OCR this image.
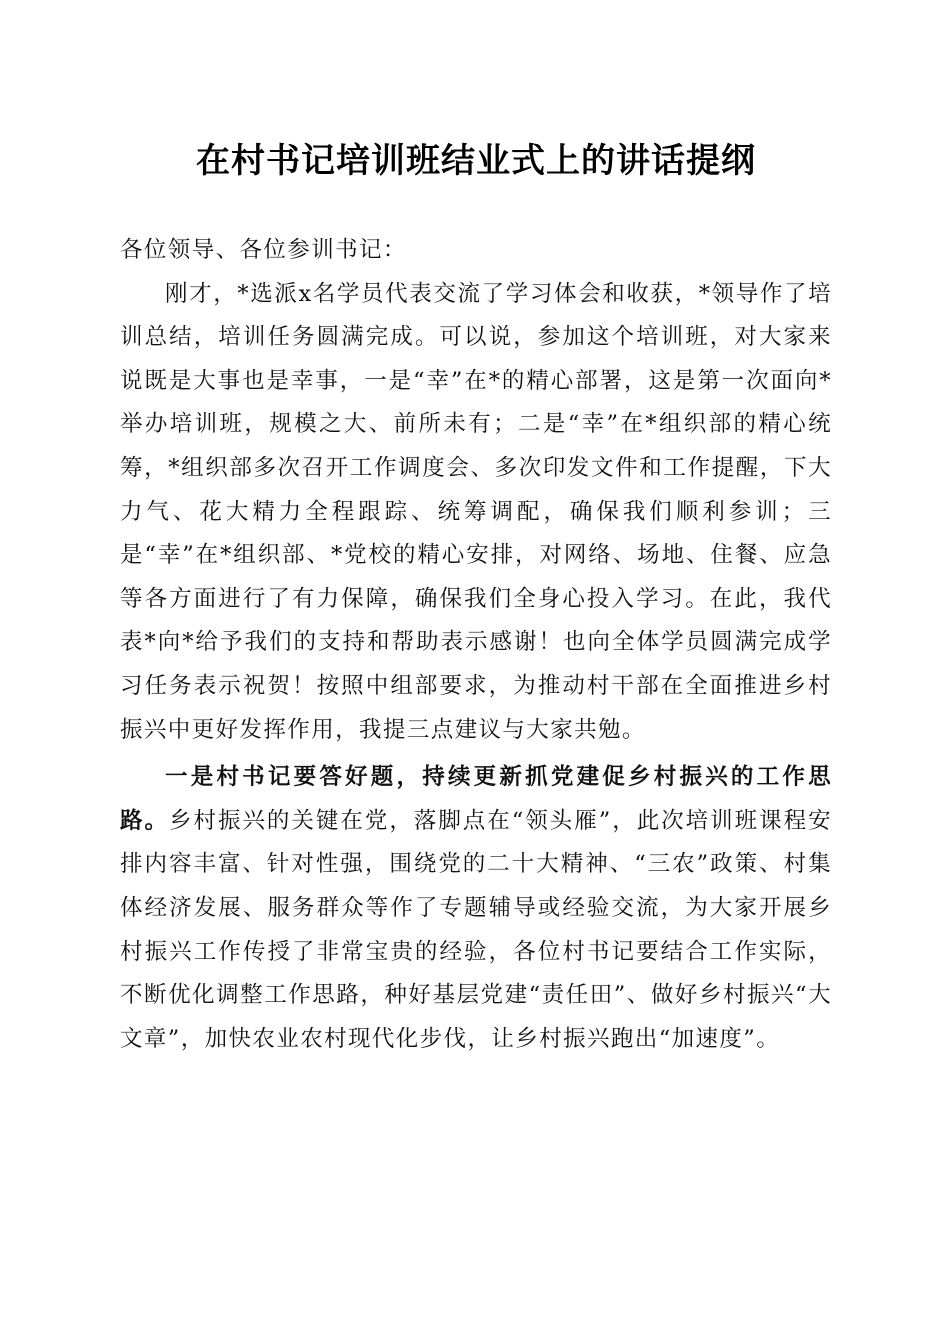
在村书记培训班结业式上的讲话提纲

各位领导、各位参训书记：

刚才，*选派x名学员代表交流了学习体会和收获，*领导作了培训总结，培训任务圆满完成。可以说，参加这个培训班，对大家来说既是大事也是幸事，一是“幸”在*的精心部署，这是第一次面向*举办培训班，规模之大、前所未有；二是“幸”在*组织部的精心统筹，*组织部多次召开工作调度会、多次印发文件和工作提醒，下大力气、花大精力全程跟踪、统筹调配，确保我们顺利参训；三是“幸”在*组织部、*党校的精心安排，对网络、场地、住餐、应急等各方面进行了有力保障，确保我们全身心投入学习。在此，我代表*向*给予我们的支持和帮助表示感谢！也向全体学员圆满完成学习任务表示祝贺！按照中组部要求，为推动村干部在全面推进乡村振兴中更好发挥作用，我提三点建议与大家共勉。

一是村书记要答好题，持续更新抓党建促乡村振兴的工作思路。乡村振兴的关键在党，落脚点在“领头雁”，此次培训班课程安排内容丰富、针对性强，围绕党的二十大精神、“三农”政策、村集体经济发展、服务群众等作了专题辅导或经验交流，为大家开展乡村振兴工作传授了非常宝贵的经验，各位村书记要结合工作实际，不断优化调整工作思路，种好基层党建“责任田”、做好乡村振兴“大文章”，加快农业农村现代化步伐，让乡村振兴跑出“加速度”。
